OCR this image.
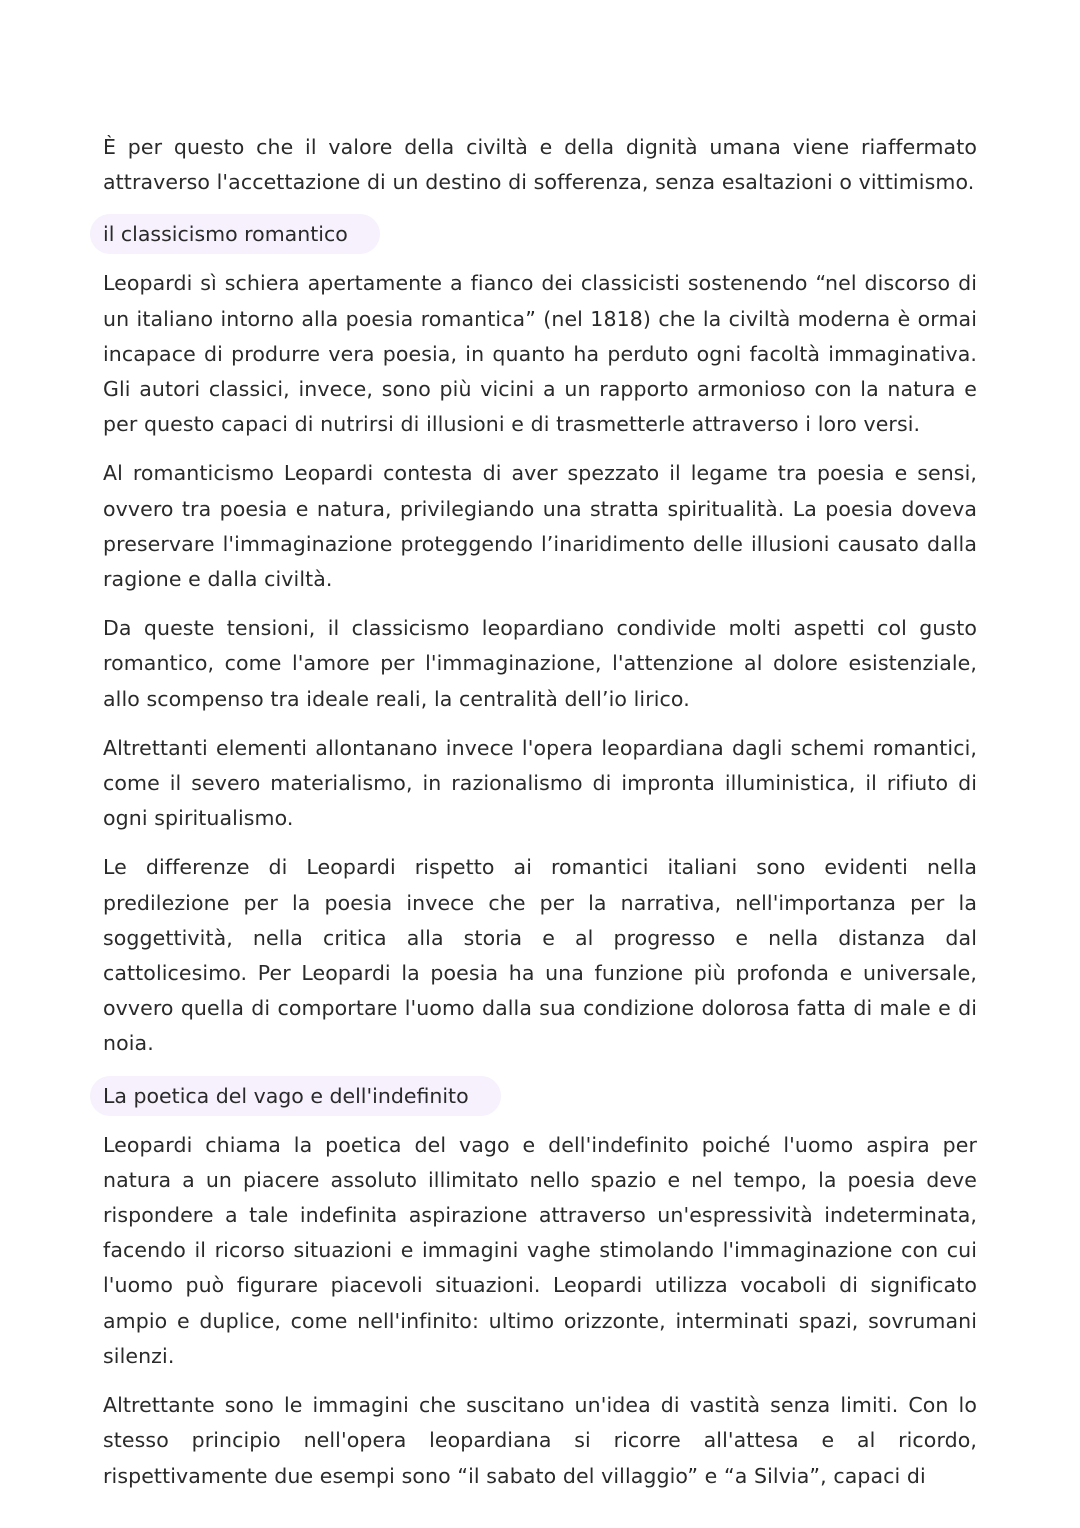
È per questo che il valore della civiltà e della dignità umana viene riaffermato attraverso l'accettazione di un destino di sofferenza, senza esaltazioni o vittimismo.

il classicismo romantico

Leopardi sì schiera apertamente a fianco dei classicisti sostenendo “nel discorso di un italiano intorno alla poesia romantica” (nel 1818) che la civiltà moderna è ormai incapace di produrre vera poesia, in quanto ha perduto ogni facoltà immaginativa. Gli autori classici, invece, sono più vicini a un rapporto armonioso con la natura e per questo capaci di nutrirsi di illusioni e di trasmetterle attraverso i loro versi.

Al romanticismo Leopardi contesta di aver spezzato il legame tra poesia e sensi, ovvero tra poesia e natura, privilegiando una stratta spiritualità. La poesia doveva preservare l'immaginazione proteggendo l’inaridimento delle illusioni causato dalla ragione e dalla civiltà.

Da queste tensioni, il classicismo leopardiano condivide molti aspetti col gusto romantico, come l'amore per l'immaginazione, l'attenzione al dolore esistenziale, allo scompenso tra ideale reali, la centralità dell’io lirico.

Altrettanti elementi allontanano invece l'opera leopardiana dagli schemi romantici, come il severo materialismo, in razionalismo di impronta illuministica, il rifiuto di ogni spiritualismo.

Le differenze di Leopardi rispetto ai romantici italiani sono evidenti nella predilezione per la poesia invece che per la narrativa, nell'importanza per la soggettività, nella critica alla storia e al progresso e nella distanza dal cattolicesimo. Per Leopardi la poesia ha una funzione più profonda e universale, ovvero quella di comportare l'uomo dalla sua condizione dolorosa fatta di male e di noia.

La poetica del vago e dell'indefinito

Leopardi chiama la poetica del vago e dell'indefinito poiché l'uomo aspira per natura a un piacere assoluto illimitato nello spazio e nel tempo, la poesia deve rispondere a tale indefinita aspirazione attraverso un'espressività indeterminata, facendo il ricorso situazioni e immagini vaghe stimolando l'immaginazione con cui l'uomo può figurare piacevoli situazioni. Leopardi utilizza vocaboli di significato ampio e duplice, come nell'infinito: ultimo orizzonte, interminati spazi, sovrumani silenzi.

Altrettante sono le immagini che suscitano un'idea di vastità senza limiti. Con lo stesso principio nell'opera leopardiana si ricorre all'attesa e al ricordo, rispettivamente due esempi sono “il sabato del villaggio” e “a Silvia”, capaci di
